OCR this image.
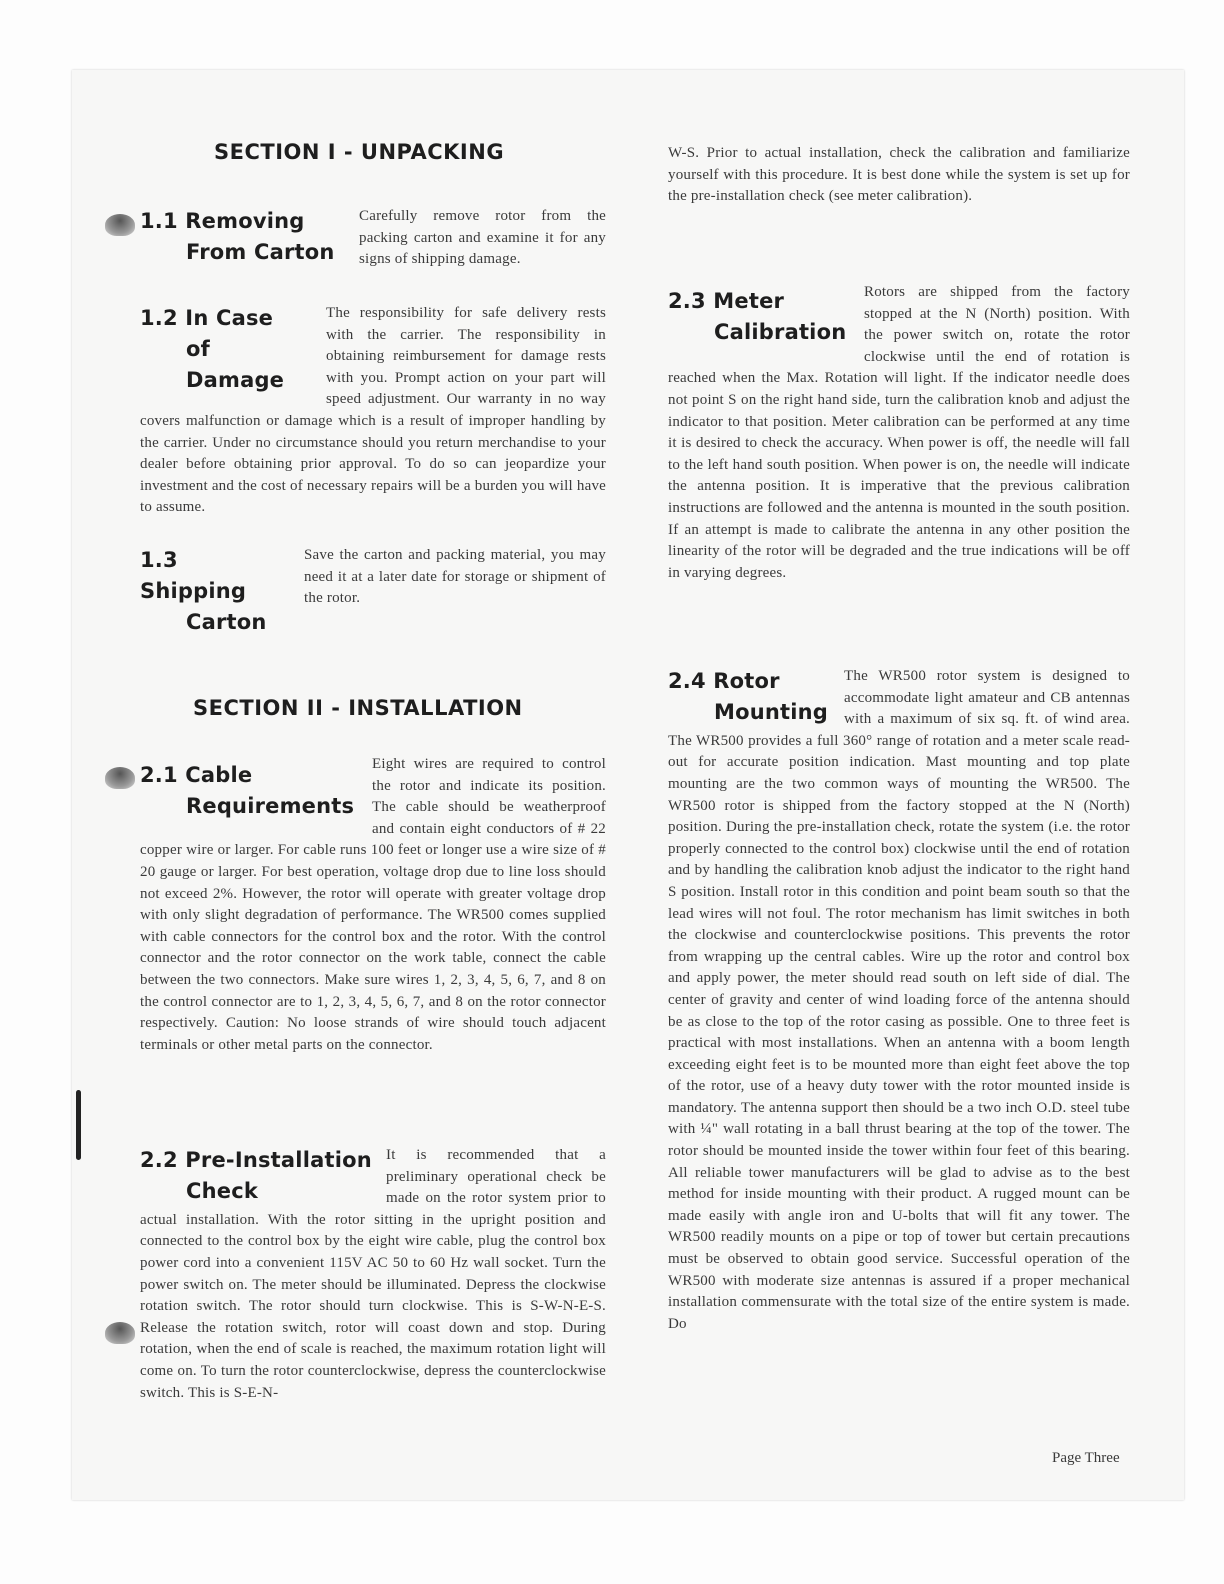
SECTION I - UNPACKING
1.1 Removing
From Carton

Carefully remove rotor from the packing carton and examine it for any signs of shipping damage.

1.2 In Case
of Damage

The responsibility for safe delivery rests with the carrier. The responsibility in obtaining reimbursement for damage rests with you. Prompt action on your part will speed adjustment. Our warranty in no way covers malfunction or damage which is a result of improper handling by the carrier. Under no circumstance should you return merchandise to your dealer before obtaining prior approval. To do so can jeopardize your investment and the cost of necessary repairs will be a burden you will have to assume.

1.3 Shipping
Carton

Save the carton and packing material, you may need it at a later date for storage or shipment of the rotor.

SECTION II - INSTALLATION
2.1 Cable
Requirements

Eight wires are required to control the rotor and indicate its position. The cable should be weatherproof and contain eight conductors of # 22 copper wire or larger. For cable runs 100 feet or longer use a wire size of # 20 gauge or larger. For best operation, voltage drop due to line loss should not exceed 2%. However, the rotor will operate with greater voltage drop with only slight degradation of performance. The WR500 comes supplied with cable connectors for the control box and the rotor. With the control connector and the rotor connector on the work table, connect the cable between the two connectors. Make sure wires 1, 2, 3, 4, 5, 6, 7, and 8 on the control connector are to 1, 2, 3, 4, 5, 6, 7, and 8 on the rotor connector respectively. Caution: No loose strands of wire should touch adjacent terminals or other metal parts on the connector.

2.2 Pre-Installation
Check

It is recommended that a preliminary operational check be made on the rotor system prior to actual installation. With the rotor sitting in the upright position and connected to the control box by the eight wire cable, plug the control box power cord into a convenient 115V AC 50 to 60 Hz wall socket. Turn the power switch on. The meter should be illuminated. Depress the clockwise rotation switch. The rotor should turn clockwise. This is S-W-N-E-S. Release the rotation switch, rotor will coast down and stop. During rotation, when the end of scale is reached, the maximum rotation light will come on. To turn the rotor counterclockwise, depress the counterclockwise switch. This is S-E-N-

W-S. Prior to actual installation, check the calibration and familiarize yourself with this procedure. It is best done while the system is set up for the pre-installation check (see meter calibration).

2.3 Meter
Calibration

Rotors are shipped from the factory stopped at the N (North) position. With the power switch on, rotate the rotor clockwise until the end of rotation is reached when the Max. Rotation will light. If the indicator needle does not point S on the right hand side, turn the calibration knob and adjust the indicator to that position. Meter calibration can be performed at any time it is desired to check the accuracy. When power is off, the needle will fall to the left hand south position. When power is on, the needle will indicate the antenna position. It is imperative that the previous calibration instructions are followed and the antenna is mounted in the south position. If an attempt is made to calibrate the antenna in any other position the linearity of the rotor will be degraded and the true indications will be off in varying degrees.

2.4 Rotor
Mounting

The WR500 rotor system is designed to accommodate light amateur and CB antennas with a maximum of six sq. ft. of wind area. The WR500 provides a full 360° range of rotation and a meter scale read-out for accurate position indication. Mast mounting and top plate mounting are the two common ways of mounting the WR500. The WR500 rotor is shipped from the factory stopped at the N (North) position. During the pre-installation check, rotate the system (i.e. the rotor properly connected to the control box) clockwise until the end of rotation and by handling the calibration knob adjust the indicator to the right hand S position. Install rotor in this condition and point beam south so that the lead wires will not foul. The rotor mechanism has limit switches in both the clockwise and counterclockwise positions. This prevents the rotor from wrapping up the central cables. Wire up the rotor and control box and apply power, the meter should read south on left side of dial. The center of gravity and center of wind loading force of the antenna should be as close to the top of the rotor casing as possible. One to three feet is practical with most installations. When an antenna with a boom length exceeding eight feet is to be mounted more than eight feet above the top of the rotor, use of a heavy duty tower with the rotor mounted inside is mandatory. The antenna support then should be a two inch O.D. steel tube with ¼" wall rotating in a ball thrust bearing at the top of the tower. The rotor should be mounted inside the tower within four feet of this bearing. All reliable tower manufacturers will be glad to advise as to the best method for inside mounting with their product. A rugged mount can be made easily with angle iron and U-bolts that will fit any tower. The WR500 readily mounts on a pipe or top of tower but certain precautions must be observed to obtain good service. Successful operation of the WR500 with moderate size antennas is assured if a proper mechanical installation commensurate with the total size of the entire system is made. Do

Page Three
